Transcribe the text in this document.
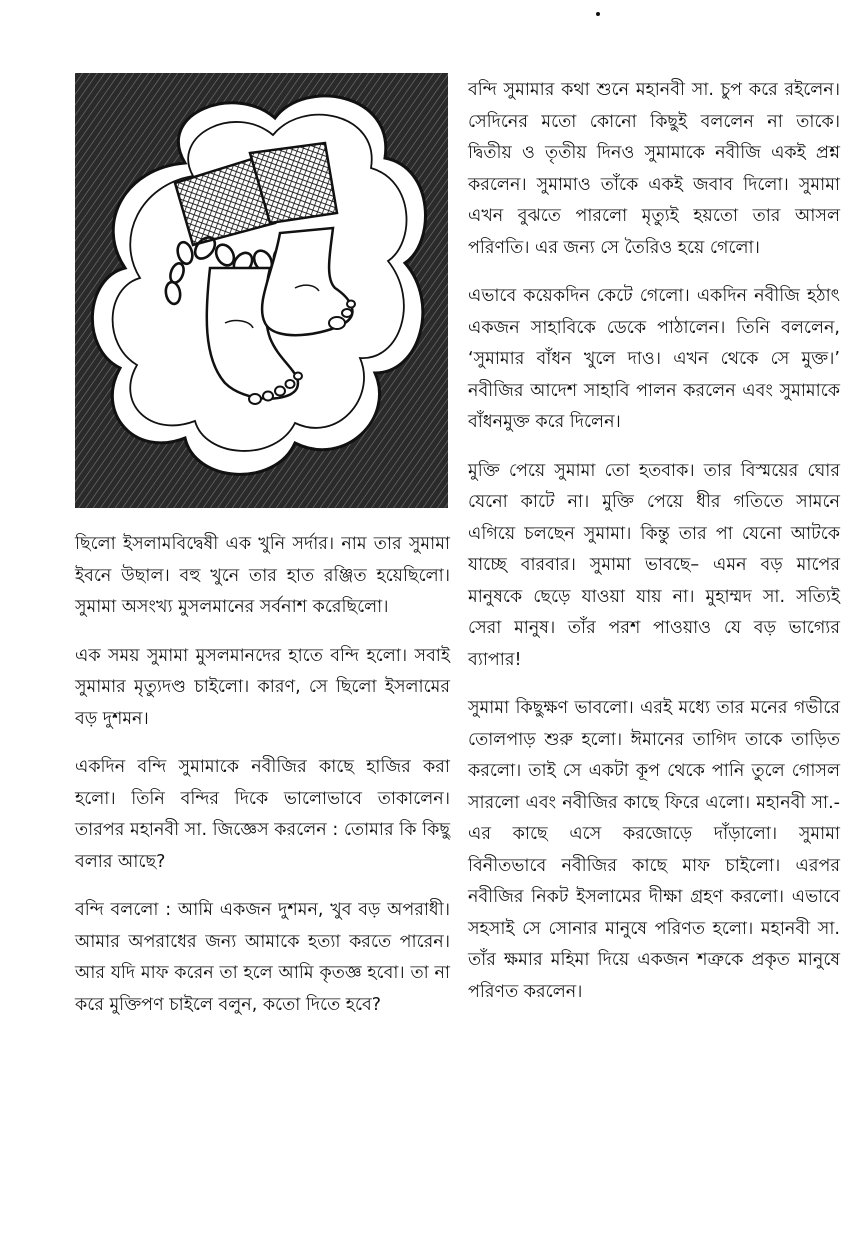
ছিলো ইসলামবিদ্বেষী এক খুনি সর্দার। নাম তার সুমামা ইবনে উছাল। বহু খুনে তার হাত রঞ্জিত হয়েছিলো। সুমামা অসংখ্য মুসলমানের সর্বনাশ করেছিলো।

এক সময় সুমামা মুসলমানদের হাতে বন্দি হলো। সবাই সুমামার মৃত্যুদণ্ড চাইলো। কারণ, সে ছিলো ইসলামের বড় দুশমন।

একদিন বন্দি সুমামাকে নবীজির কাছে হাজির করা হলো। তিনি বন্দির দিকে ভালোভাবে তাকালেন। তারপর মহানবী সা. জিজ্ঞেস করলেন : তোমার কি কিছু বলার আছে?

বন্দি বললো : আমি একজন দুশমন, খুব বড় অপরাধী। আমার অপরাধের জন্য আমাকে হত্যা করতে পারেন। আর যদি মাফ করেন তা হলে আমি কৃতজ্ঞ হবো। তা না করে মুক্তিপণ চাইলে বলুন, কতো দিতে হবে?

বন্দি সুমামার কথা শুনে মহানবী সা. চুপ করে রইলেন। সেদিনের মতো কোনো কিছুই বললেন না তাকে। দ্বিতীয় ও তৃতীয় দিনও সুমামাকে নবীজি একই প্রশ্ন করলেন। সুমামাও তাঁকে একই জবাব দিলো। সুমামা এখন বুঝতে পারলো মৃত্যুই হয়তো তার আসল পরিণতি। এর জন্য সে তৈরিও হয়ে গেলো।

এভাবে কয়েকদিন কেটে গেলো। একদিন নবীজি হঠাৎ একজন সাহাবিকে ডেকে পাঠালেন। তিনি বললেন, ‘সুমামার বাঁধন খুলে দাও। এখন থেকে সে মুক্ত।’ নবীজির আদেশ সাহাবি পালন করলেন এবং সুমামাকে বাঁধনমুক্ত করে দিলেন।

মুক্তি পেয়ে সুমামা তো হতবাক। তার বিস্ময়ের ঘোর যেনো কাটে না। মুক্তি পেয়ে ধীর গতিতে সামনে এগিয়ে চলছেন সুমামা। কিন্তু তার পা যেনো আটকে যাচ্ছে বারবার। সুমামা ভাবছে– এমন বড় মাপের মানুষকে ছেড়ে যাওয়া যায় না। মুহাম্মদ সা. সত্যিই সেরা মানুষ। তাঁর পরশ পাওয়াও যে বড় ভাগ্যের ব্যাপার!

সুমামা কিছুক্ষণ ভাবলো। এরই মধ্যে তার মনের গভীরে তোলপাড় শুরু হলো। ঈমানের তাগিদ তাকে তাড়িত করলো। তাই সে একটা কূপ থেকে পানি তুলে গোসল সারলো এবং নবীজির কাছে ফিরে এলো। মহানবী সা.-এর কাছে এসে করজোড়ে দাঁড়ালো। সুমামা বিনীতভাবে নবীজির কাছে মাফ চাইলো। এরপর নবীজির নিকট ইসলামের দীক্ষা গ্রহণ করলো। এভাবে সহসাই সে সোনার মানুষে পরিণত হলো। মহানবী সা. তাঁর ক্ষমার মহিমা দিয়ে একজন শত্রুকে প্রকৃত মানুষে পরিণত করলেন।
